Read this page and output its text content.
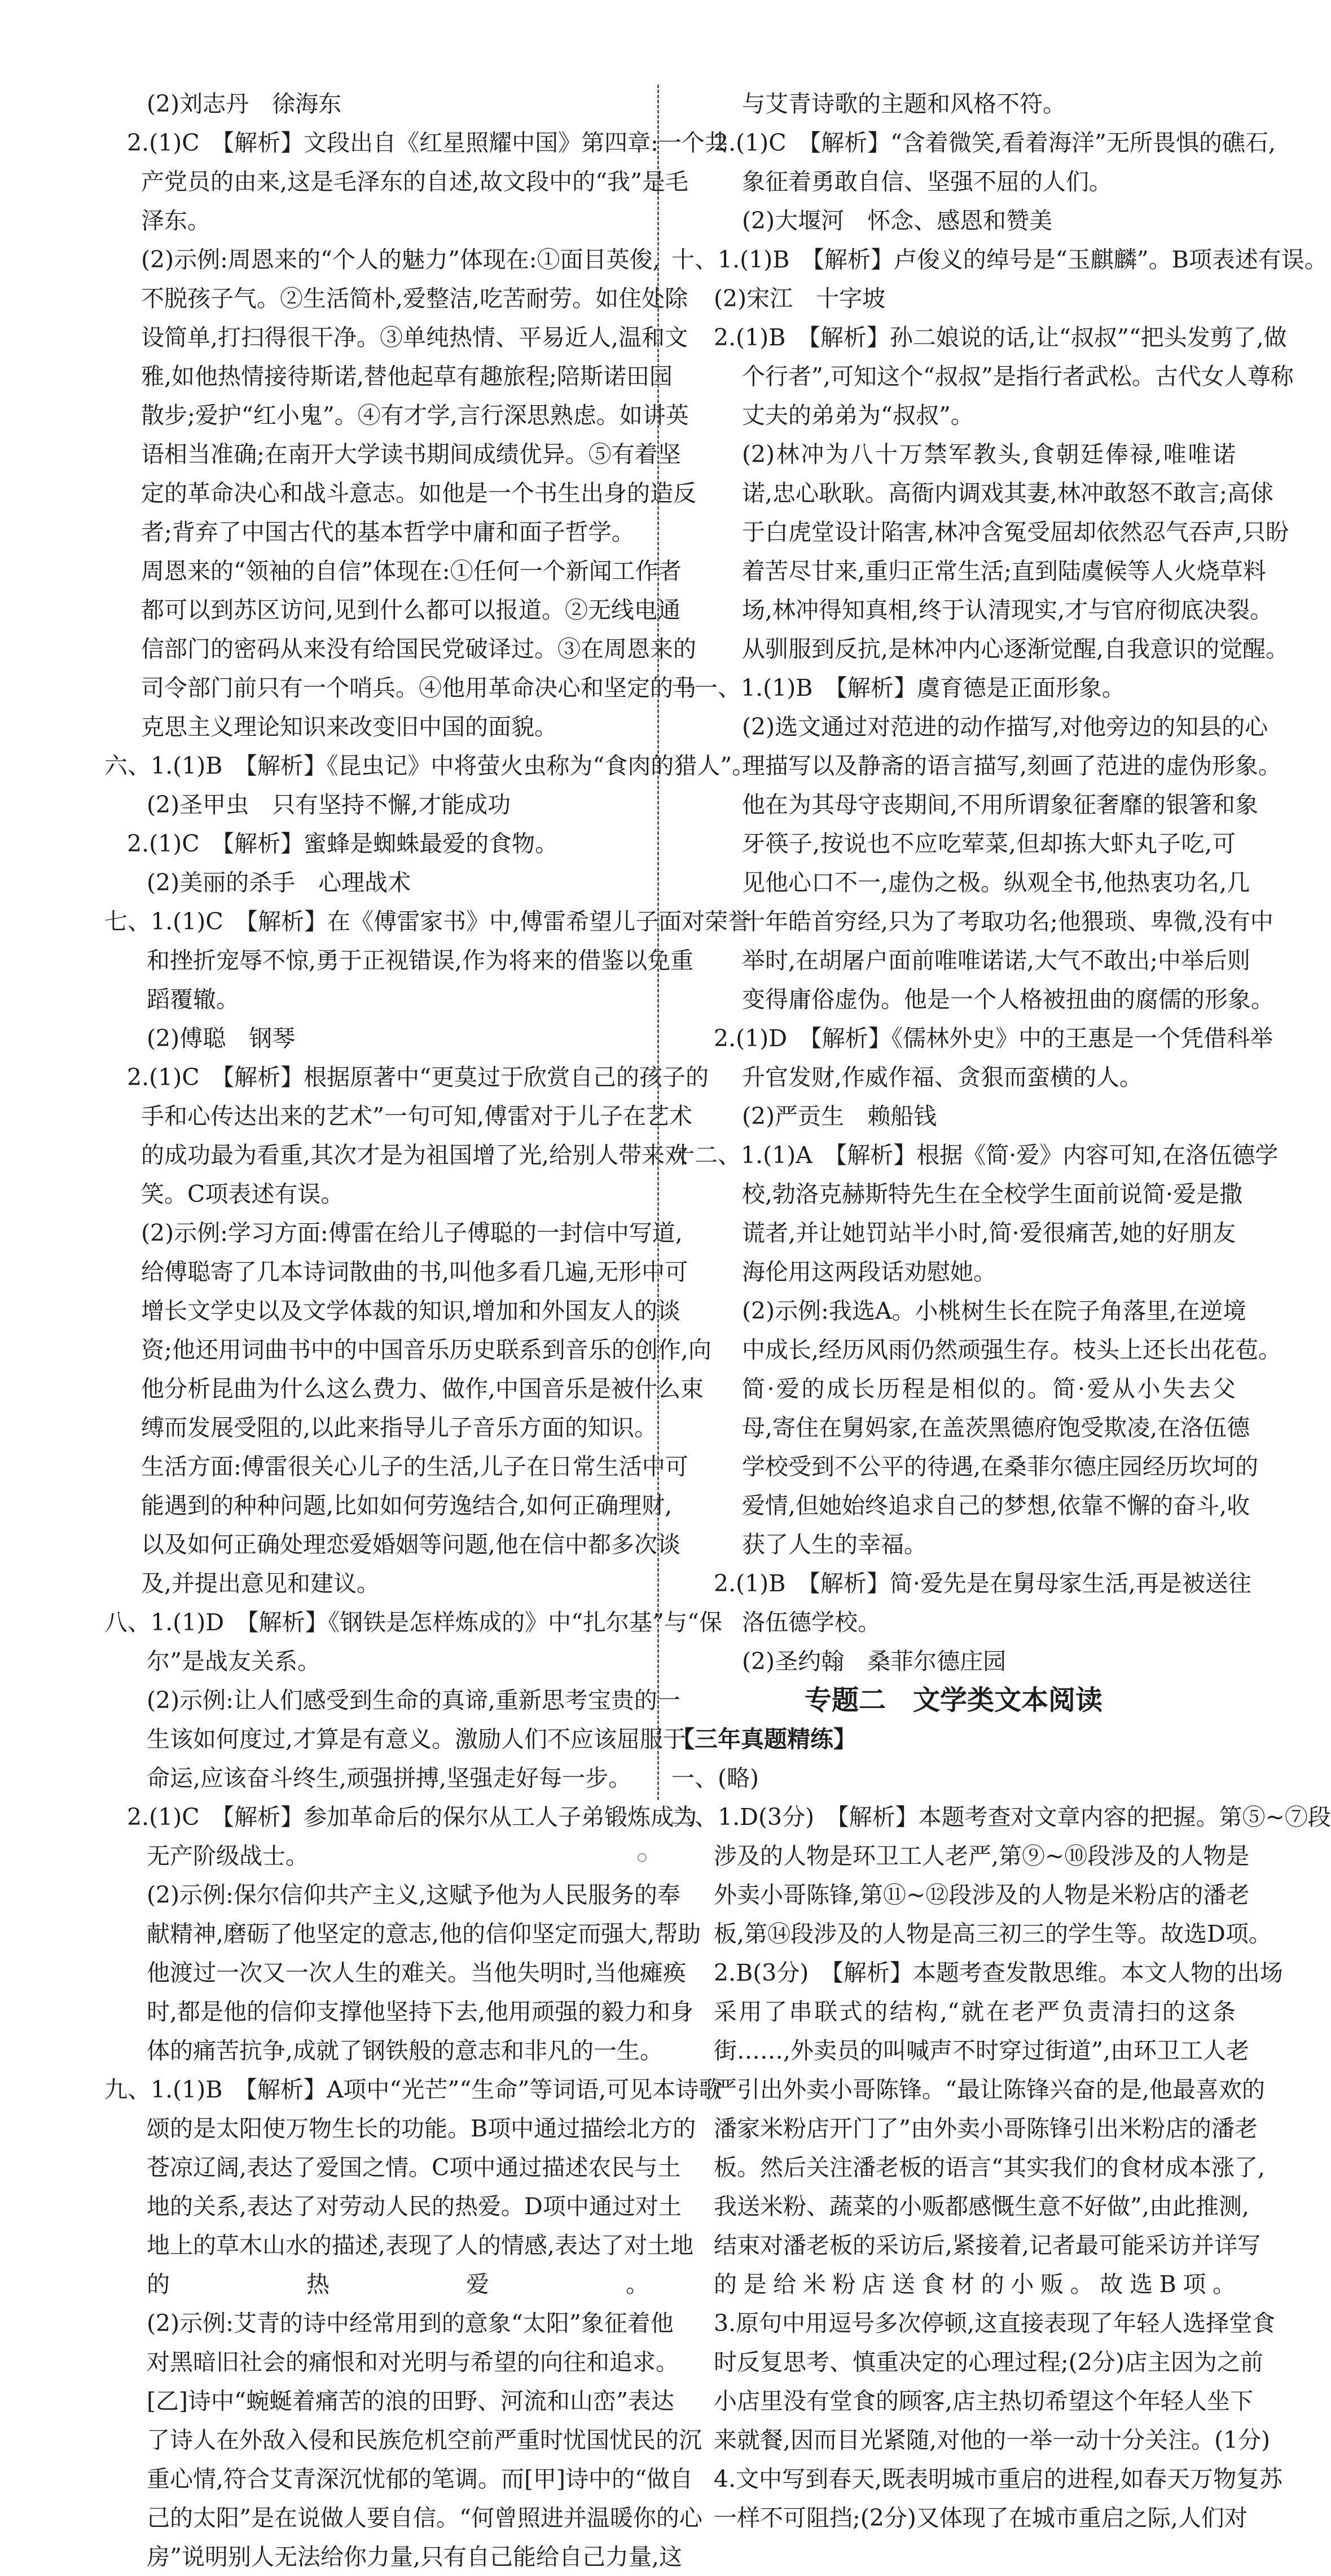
(2)刘志丹　徐海东
2.(1)C　【解析】文段出自《红星照耀中国》第四章:一个共
产党员的由来,这是毛泽东的自述,故文段中的“我”是毛
泽东。
(2)示例:周恩来的“个人的魅力”体现在:①面目英俊,
不脱孩子气。②生活简朴,爱整洁,吃苦耐劳。如住处除
设简单,打扫得很干净。③单纯热情、平易近人,温和文
雅,如他热情接待斯诺,替他起草有趣旅程;陪斯诺田园
散步;爱护“红小鬼”。④有才学,言行深思熟虑。如讲英
语相当准确;在南开大学读书期间成绩优异。⑤有着坚
定的革命决心和战斗意志。如他是一个书生出身的造反
者;背弃了中国古代的基本哲学中庸和面子哲学。
周恩来的“领袖的自信”体现在:①任何一个新闻工作者
都可以到苏区访问,见到什么都可以报道。②无线电通
信部门的密码从来没有给国民党破译过。③在周恩来的
司令部门前只有一个哨兵。④他用革命决心和坚定的马
克思主义理论知识来改变旧中国的面貌。
六、1.(1)B　【解析】《昆虫记》中将萤火虫称为“食肉的猎人”。
(2)圣甲虫　只有坚持不懈,才能成功
2.(1)C　【解析】蜜蜂是蜘蛛最爱的食物。
(2)美丽的杀手　心理战术
七、1.(1)C　【解析】在《傅雷家书》中,傅雷希望儿子面对荣誉
和挫折宠辱不惊,勇于正视错误,作为将来的借鉴以免重
蹈覆辙。
(2)傅聪　钢琴
2.(1)C　【解析】根据原著中“更莫过于欣赏自己的孩子的
手和心传达出来的艺术”一句可知,傅雷对于儿子在艺术
的成功最为看重,其次才是为祖国增了光,给别人带来欢
笑。C项表述有误。
(2)示例:学习方面:傅雷在给儿子傅聪的一封信中写道,
给傅聪寄了几本诗词散曲的书,叫他多看几遍,无形中可
增长文学史以及文学体裁的知识,增加和外国友人的谈
资;他还用词曲书中的中国音乐历史联系到音乐的创作,向
他分析昆曲为什么这么费力、做作,中国音乐是被什么束
缚而发展受阻的,以此来指导儿子音乐方面的知识。
生活方面:傅雷很关心儿子的生活,儿子在日常生活中可
能遇到的种种问题,比如如何劳逸结合,如何正确理财,
以及如何正确处理恋爱婚姻等问题,他在信中都多次谈
及,并提出意见和建议。
八、1.(1)D　【解析】《钢铁是怎样炼成的》中“扎尔基”与“保
尔”是战友关系。
(2)示例:让人们感受到生命的真谛,重新思考宝贵的一
生该如何度过,才算是有意义。激励人们不应该屈服于
命运,应该奋斗终生,顽强拼搏,坚强走好每一步。
2.(1)C　【解析】参加革命后的保尔从工人子弟锻炼成为
无产阶级战士。
(2)示例:保尔信仰共产主义,这赋予他为人民服务的奉
献精神,磨砺了他坚定的意志,他的信仰坚定而强大,帮助
他渡过一次又一次人生的难关。当他失明时,当他瘫痪
时,都是他的信仰支撑他坚持下去,他用顽强的毅力和身
体的痛苦抗争,成就了钢铁般的意志和非凡的一生。
九、1.(1)B　【解析】A项中“光芒”“生命”等词语,可见本诗歌
颂的是太阳使万物生长的功能。B项中通过描绘北方的
苍凉辽阔,表达了爱国之情。C项中通过描述农民与土
地的关系,表达了对劳动人民的热爱。D项中通过对土
地上的草木山水的描述,表现了人的情感,表达了对土地
的热爱。
(2)示例:艾青的诗中经常用到的意象“太阳”象征着他
对黑暗旧社会的痛恨和对光明与希望的向往和追求。
[乙]诗中“蜿蜒着痛苦的浪的田野、河流和山峦”表达
了诗人在外敌入侵和民族危机空前严重时忧国忧民的沉
重心情,符合艾青深沉忧郁的笔调。而[甲]诗中的“做自
己的太阳”是在说做人要自信。“何曾照进并温暖你的心
房”说明别人无法给你力量,只有自己能给自己力量,这
与艾青诗歌的主题和风格不符。
2.(1)C　【解析】“含着微笑,看着海洋”无所畏惧的礁石,
象征着勇敢自信、坚强不屈的人们。
(2)大堰河　怀念、感恩和赞美
十、1.(1)B　【解析】卢俊义的绰号是“玉麒麟”。B项表述有误。
(2)宋江　十字坡
2.(1)B　【解析】孙二娘说的话,让“叔叔”“把头发剪了,做
个行者”,可知这个“叔叔”是指行者武松。古代女人尊称
丈夫的弟弟为“叔叔”。
(2)林冲为八十万禁军教头,食朝廷俸禄,唯唯诺
诺,忠心耿耿。高衙内调戏其妻,林冲敢怒不敢言;高俅
于白虎堂设计陷害,林冲含冤受屈却依然忍气吞声,只盼
着苦尽甘来,重归正常生活;直到陆虞候等人火烧草料
场,林冲得知真相,终于认清现实,才与官府彻底决裂。
从驯服到反抗,是林冲内心逐渐觉醒,自我意识的觉醒。
十一、1.(1)B　【解析】虞育德是正面形象。
(2)选文通过对范进的动作描写,对他旁边的知县的心
理描写以及静斋的语言描写,刻画了范进的虚伪形象。
他在为其母守丧期间,不用所谓象征奢靡的银箸和象
牙筷子,按说也不应吃荤菜,但却拣大虾丸子吃,可
见他心口不一,虚伪之极。纵观全书,他热衷功名,几
十年皓首穷经,只为了考取功名;他猥琐、卑微,没有中
举时,在胡屠户面前唯唯诺诺,大气不敢出;中举后则
变得庸俗虚伪。他是一个人格被扭曲的腐儒的形象。
2.(1)D　【解析】《儒林外史》中的王惠是一个凭借科举
升官发财,作威作福、贪狠而蛮横的人。
(2)严贡生　赖船钱
十二、1.(1)A　【解析】根据《简·爱》内容可知,在洛伍德学
校,勃洛克赫斯特先生在全校学生面前说简·爱是撒
谎者,并让她罚站半小时,简·爱很痛苦,她的好朋友
海伦用这两段话劝慰她。
(2)示例:我选A。小桃树生长在院子角落里,在逆境
中成长,经历风雨仍然顽强生存。枝头上还长出花苞。
简·爱的成长历程是相似的。简·爱从小失去父
母,寄住在舅妈家,在盖茨黑德府饱受欺凌,在洛伍德
学校受到不公平的待遇,在桑菲尔德庄园经历坎坷的
爱情,但她始终追求自己的梦想,依靠不懈的奋斗,收
获了人生的幸福。
2.(1)B　【解析】简·爱先是在舅母家生活,再是被送往
洛伍德学校。
(2)圣约翰　桑菲尔德庄园
专题二　文学类文本阅读
【三年真题精练】
一、(略)
二、1.D(3分)　【解析】本题考查对文章内容的把握。第⑤~⑦段
涉及的人物是环卫工人老严,第⑨~⑩段涉及的人物是
外卖小哥陈锋,第⑪~⑫段涉及的人物是米粉店的潘老
板,第⑭段涉及的人物是高三初三的学生等。故选D项。
2.B(3分)　【解析】本题考查发散思维。本文人物的出场
采用了串联式的结构,“就在老严负责清扫的这条
街……,外卖员的叫喊声不时穿过街道”,由环卫工人老
严引出外卖小哥陈锋。“最让陈锋兴奋的是,他最喜欢的
潘家米粉店开门了”由外卖小哥陈锋引出米粉店的潘老
板。然后关注潘老板的语言“其实我们的食材成本涨了,
我送米粉、蔬菜的小贩都感慨生意不好做”,由此推测,
结束对潘老板的采访后,紧接着,记者最可能采访并详写
的是给米粉店送食材的小贩。故选B项。
3.原句中用逗号多次停顿,这直接表现了年轻人选择堂食
时反复思考、慎重决定的心理过程;(2分)店主因为之前
小店里没有堂食的顾客,店主热切希望这个年轻人坐下
来就餐,因而目光紧随,对他的一举一动十分关注。(1分)
4.文中写到春天,既表明城市重启的进程,如春天万物复苏
一样不可阻挡;(2分)又体现了在城市重启之际,人们对
